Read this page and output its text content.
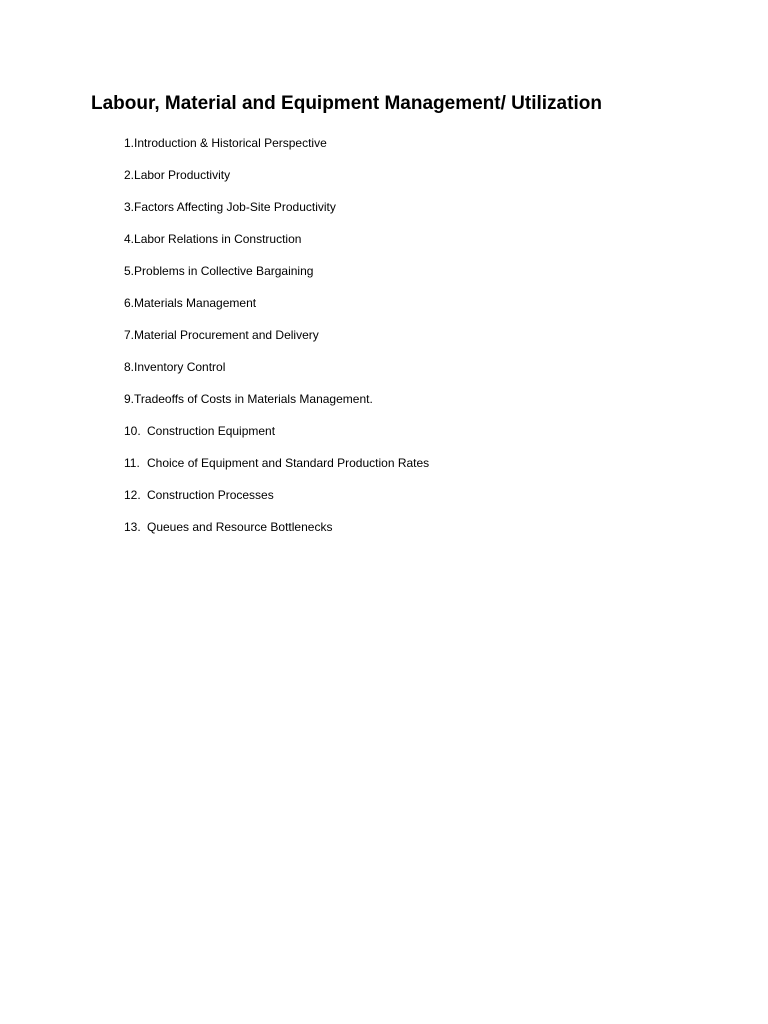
Labour, Material and Equipment Management/ Utilization
1.Introduction & Historical Perspective
2.Labor Productivity
3.Factors Affecting Job-Site Productivity
4.Labor Relations in Construction
5.Problems in Collective Bargaining
6.Materials Management
7.Material Procurement and Delivery
8.Inventory Control
9.Tradeoffs of Costs in Materials Management.
10. Construction Equipment
11. Choice of Equipment and Standard Production Rates
12. Construction Processes
13. Queues and Resource Bottlenecks
